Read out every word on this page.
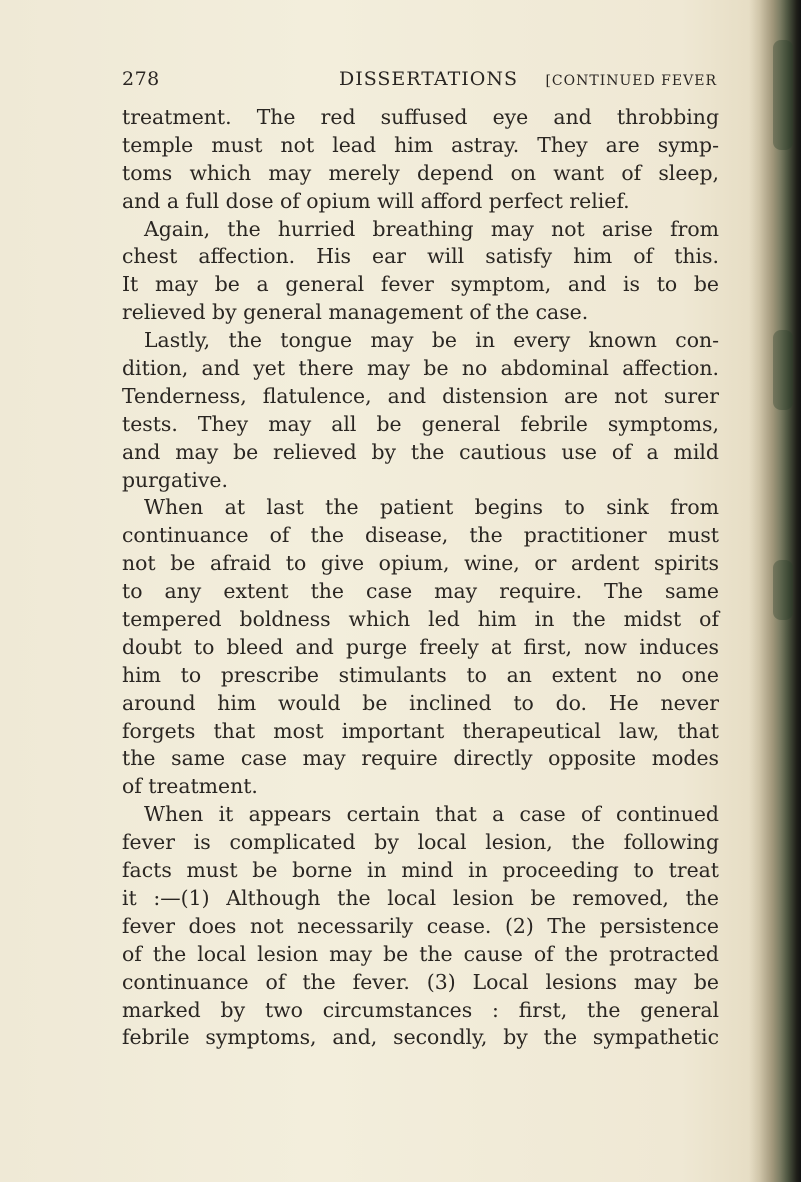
278	DISSERTATIONS [CONTINUED FEVER
treatment. The red suffused eye and throbbing
temple must not lead him astray. They are symp-
toms which may merely depend on want of sleep,
and a full dose of opium will afford perfect relief.
Again, the hurried breathing may not arise from
chest affection. His ear will satisfy him of this.
It may be a general fever symptom, and is to be
relieved by general management of the case.
Lastly, the tongue may be in every known con-
dition, and yet there may be no abdominal affection.
Tenderness, flatulence, and distension are not surer
tests. They may all be general febrile symptoms,
and may be relieved by the cautious use of a mild
purgative.
When at last the patient begins to sink from
continuance of the disease, the practitioner must
not be afraid to give opium, wine, or ardent spirits
to any extent the case may require. The same
tempered boldness which led him in the midst of
doubt to bleed and purge freely at first, now induces
him to prescribe stimulants to an extent no one
around him would be inclined to do. He never
forgets that most important therapeutical law, that
the same case may require directly opposite modes
of treatment.
When it appears certain that a case of continued
fever is complicated by local lesion, the following
facts must be borne in mind in proceeding to treat
it :—(1) Although the local lesion be removed, the
fever does not necessarily cease. (2) The persistence
of the local lesion may be the cause of the protracted
continuance of the fever. (3) Local lesions may be
marked by two circumstances : first, the general
febrile symptoms, and, secondly, by the sympathetic
